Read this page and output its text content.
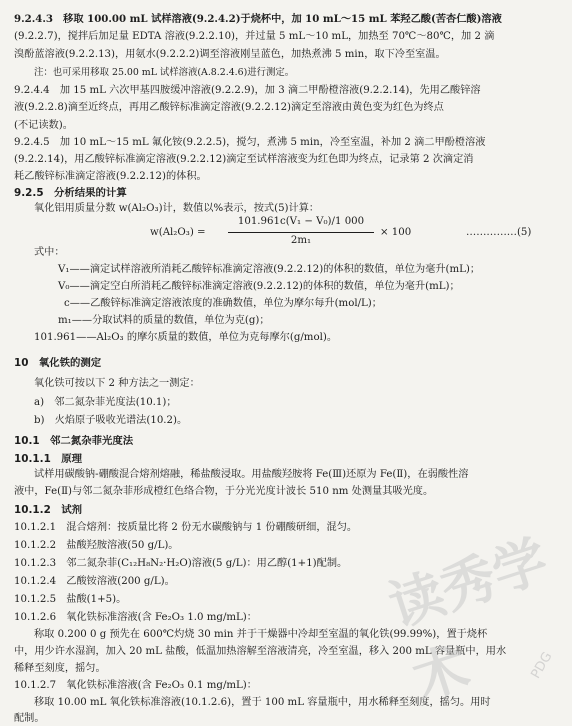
9.2.4.3　移取 100.00 mL 试样溶液(9.2.4.2)于烧杯中，加 10 mL～15 mL 苯羟乙酸(苦杏仁酸)溶液
(9.2.2.7)，搅拌后加足量 EDTA 溶液(9.2.2.10)，并过量 5 mL～10 mL，加热至 70℃～80℃，加 2 滴
溴酚蓝溶液(9.2.2.13)，用氨水(9.2.2.2)调至溶液刚呈蓝色，加热煮沸 5 min，取下冷至室温。
注：也可采用移取 25.00 mL 试样溶液(A.8.2.4.6)进行测定。
9.2.4.4　加 15 mL 六次甲基四胺缓冲溶液(9.2.2.9)，加 3 滴二甲酚橙溶液(9.2.2.14)，先用乙酸锌溶
液(9.2.2.8)滴至近终点，再用乙酸锌标准滴定溶液(9.2.2.12)滴定至溶液由黄色变为红色为终点
(不记读数)。
9.2.4.5　加 10 mL～15 mL 氟化铵(9.2.2.5)，搅匀，煮沸 5 min，冷至室温，补加 2 滴二甲酚橙溶液
(9.2.2.14)，用乙酸锌标准滴定溶液(9.2.2.12)滴定至试样溶液变为红色即为终点，记录第 2 次滴定消
耗乙酸锌标准滴定溶液(9.2.2.12)的体积。
9.2.5　分析结果的计算
氧化铝用质量分数 w(Al₂O₃)计，数值以%表示，按式(5)计算：
w(Al₂O₃) =
101.961c(V₁ − V₀)/1 000
2m₁
× 100	……………(5)
式中：
V₁——滴定试样溶液所消耗乙酸锌标准滴定溶液(9.2.2.12)的体积的数值，单位为毫升(mL)；
V₀——滴定空白所消耗乙酸锌标准滴定溶液(9.2.2.12)的体积的数值，单位为毫升(mL)；
c——乙酸锌标准滴定溶液浓度的准确数值，单位为摩尔每升(mol/L)；
m₁——分取试料的质量的数值，单位为克(g)；
101.961——Al₂O₃ 的摩尔质量的数值，单位为克每摩尔(g/mol)。
10　氧化铁的测定
氧化铁可按以下 2 种方法之一测定：
a)　邻二氮杂菲光度法(10.1)；
b)　火焰原子吸收光谱法(10.2)。
10.1　邻二氮杂菲光度法
10.1.1　原理
试样用碳酸钠-硼酸混合熔剂熔融，稀盐酸浸取。用盐酸羟胺将 Fe(Ⅲ)还原为 Fe(Ⅱ)，在弱酸性溶
液中，Fe(Ⅱ)与邻二氮杂菲形成橙红色络合物，于分光光度计波长 510 nm 处测量其吸光度。
10.1.2　试剂
10.1.2.1　混合熔剂：按质量比将 2 份无水碳酸钠与 1 份硼酸研细，混匀。
10.1.2.2　盐酸羟胺溶液(50 g/L)。
10.1.2.3　邻二氮杂菲(C₁₂H₈N₂·H₂O)溶液(5 g/L)：用乙醇(1+1)配制。
10.1.2.4　乙酸铵溶液(200 g/L)。
10.1.2.5　盐酸(1+5)。
10.1.2.6　氧化铁标准溶液(含 Fe₂O₃ 1.0 mg/mL)：
称取 0.200 0 g 预先在 600℃灼烧 30 min 并于干燥器中冷却至室温的氧化铁(99.99%)，置于烧杯
中，用少许水湿润，加入 20 mL 盐酸，低温加热溶解至溶液清亮，冷至室温，移入 200 mL 容量瓶中，用水
稀释至刻度，摇匀。
10.1.2.7　氧化铁标准溶液(含 Fe₂O₃ 0.1 mg/mL)：
移取 10.00 mL 氧化铁标准溶液(10.1.2.6)，置于 100 mL 容量瓶中，用水稀释至刻度，摇匀。用时
配制。
读秀学术	PDG
